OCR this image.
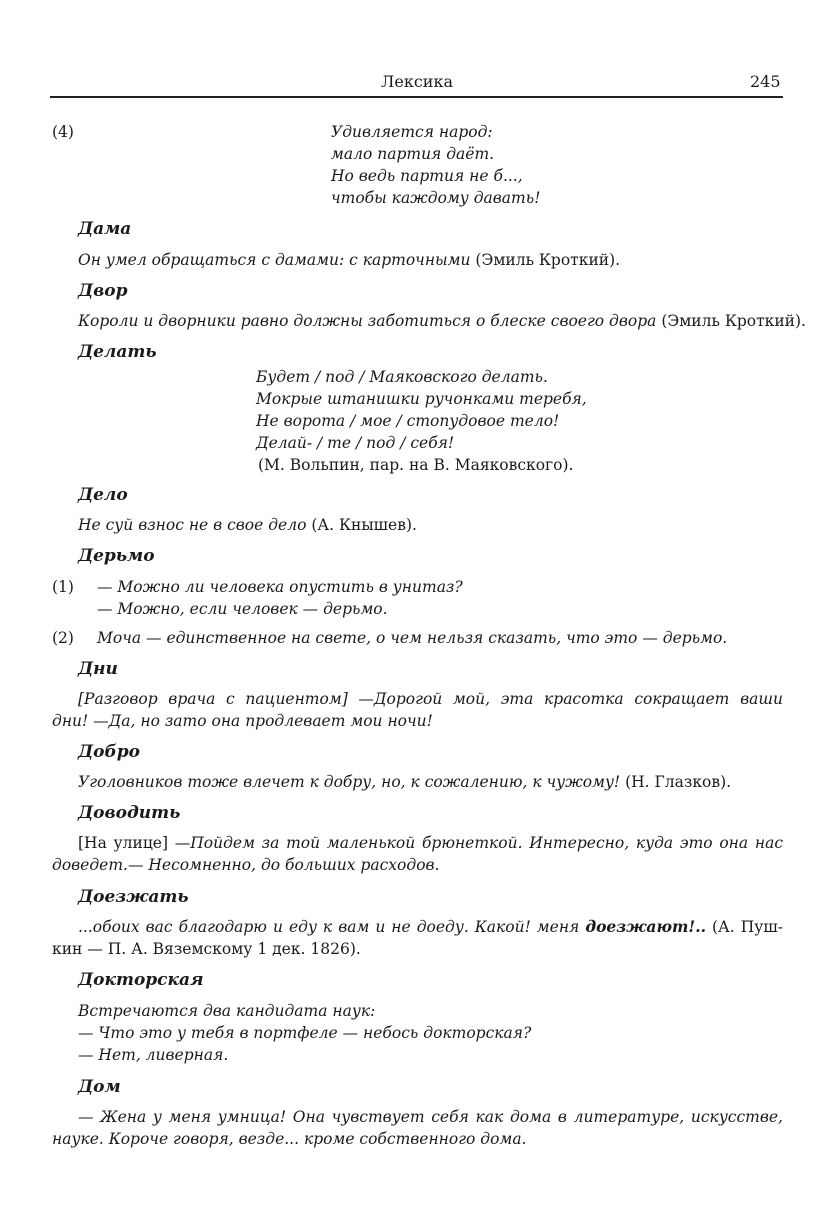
Лексика	245
(4)	Удивляется народ:
мало партия даёт.
Но ведь партия не б...,
чтобы каждому давать!
Дама
Он умел обращаться с дамами: с карточными (Эмиль Кроткий).
Двор
Короли и дворники равно должны заботиться о блеске своего двора (Эмиль Кроткий).
Делать
Будет / под / Маяковского делать.
Мокрые штанишки ручонками теребя,
Не ворота / мое / стопудовое тело!
Делай- / те / под / себя!
(М. Вольпин, пар. на В. Маяковского).
Дело
Не суй взнос не в свое дело (А. Кнышев).
Дерьмо
(1) — Можно ли человека опустить в унитаз?
— Можно, если человек — дерьмо.
(2) Моча — единственное на свете, о чем нельзя сказать, что это — дерьмо.
Дни
[Разговор врача с пациентом] —Дорогой мой, эта красотка сокращает ваши
дни! —Да, но зато она продлевает мои ночи!
Добро
Уголовников тоже влечет к добру, но, к сожалению, к чужому! (Н. Глазков).
Доводить
[На улице] —Пойдем за той маленькой брюнеткой. Интересно, куда это она нас
доведет.— Несомненно, до больших расходов.
Доезжать
...обоих вас благодарю и еду к вам и не доеду. Какой! меня доезжают!.. (А. Пуш-
кин — П. А. Вяземскому 1 дек. 1826).
Докторская
Встречаются два кандидата наук:
— Что это у тебя в портфеле — небось докторская?
— Нет, ливерная.
Дом
— Жена у меня умница! Она чувствует себя как дома в литературе, искусстве,
науке. Короче говоря, везде... кроме собственного дома.
